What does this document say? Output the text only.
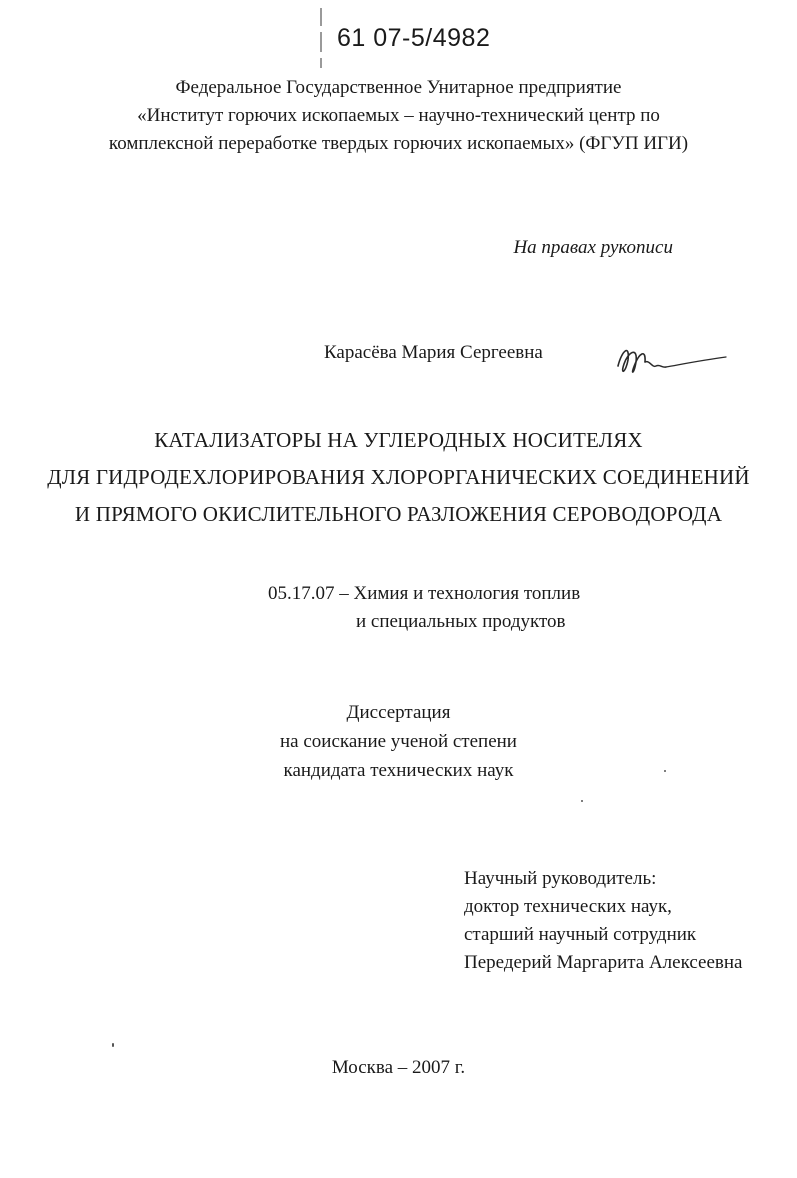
61 07-5/4982
Федеральное Государственное Унитарное предприятие
«Институт горючих ископаемых – научно-технический центр по
комплексной переработке твердых горючих ископаемых» (ФГУП ИГИ)
На правах рукописи
Карасёва Мария Сергеевна
КАТАЛИЗАТОРЫ НА УГЛЕРОДНЫХ НОСИТЕЛЯХ
ДЛЯ ГИДРОДЕХЛОРИРОВАНИЯ ХЛОРОРГАНИЧЕСКИХ СОЕДИНЕНИЙ
И ПРЯМОГО ОКИСЛИТЕЛЬНОГО РАЗЛОЖЕНИЯ СЕРОВОДОРОДА
05.17.07 – Химия и технология топлив
и специальных продуктов
Диссертация
на соискание ученой степени
кандидата технических наук
Научный руководитель:
доктор технических наук,
старший научный сотрудник
Передерий Маргарита Алексеевна
Москва – 2007 г.
